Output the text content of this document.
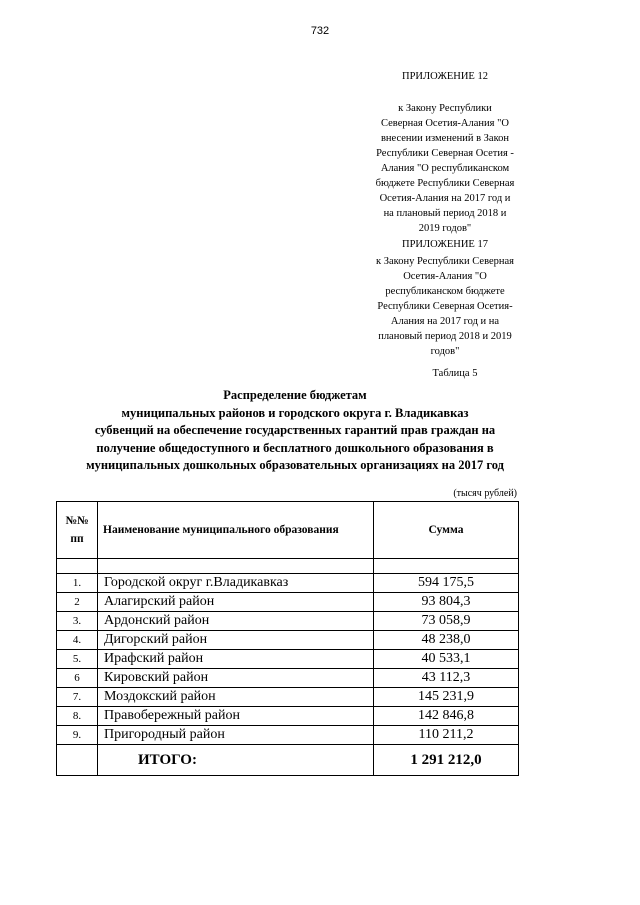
732
ПРИЛОЖЕНИЕ 12
к Закону Республики
Северная Осетия-Алания "О
внесении изменений в Закон
Республики Северная Осетия -
Алания "О республиканском
бюджете Республики Северная
Осетия-Алания на 2017 год и
на плановый период 2018 и
2019 годов"
ПРИЛОЖЕНИЕ 17
к Закону Республики Северная
Осетия-Алания "О
республиканском бюджете
Республики Северная Осетия-
Алания на 2017 год и на
плановый период 2018 и 2019
годов"
Таблица 5
Распределение бюджетам
муниципальных районов и городского округа г. Владикавказ
субвенций на обеспечение государственных гарантий прав граждан на
получение общедоступного и бесплатного дошкольного образования в
муниципальных дошкольных образовательных организациях на 2017 год
(тысяч рублей)
№№
пп	Наименование муниципального образования	Сумма

1.	Городской округ г.Владикавказ	594 175,5
2	Алагирский район	93 804,3
3.	Ардонский район	73 058,9
4.	Дигорский район	48 238,0
5.	Ирафский район	40 533,1
6	Кировский район	43 112,3
7.	Моздокский район	145 231,9
8.	Правобережный район	142 846,8
9.	Пригородный район	110 211,2
	ИТОГО:	1 291 212,0
